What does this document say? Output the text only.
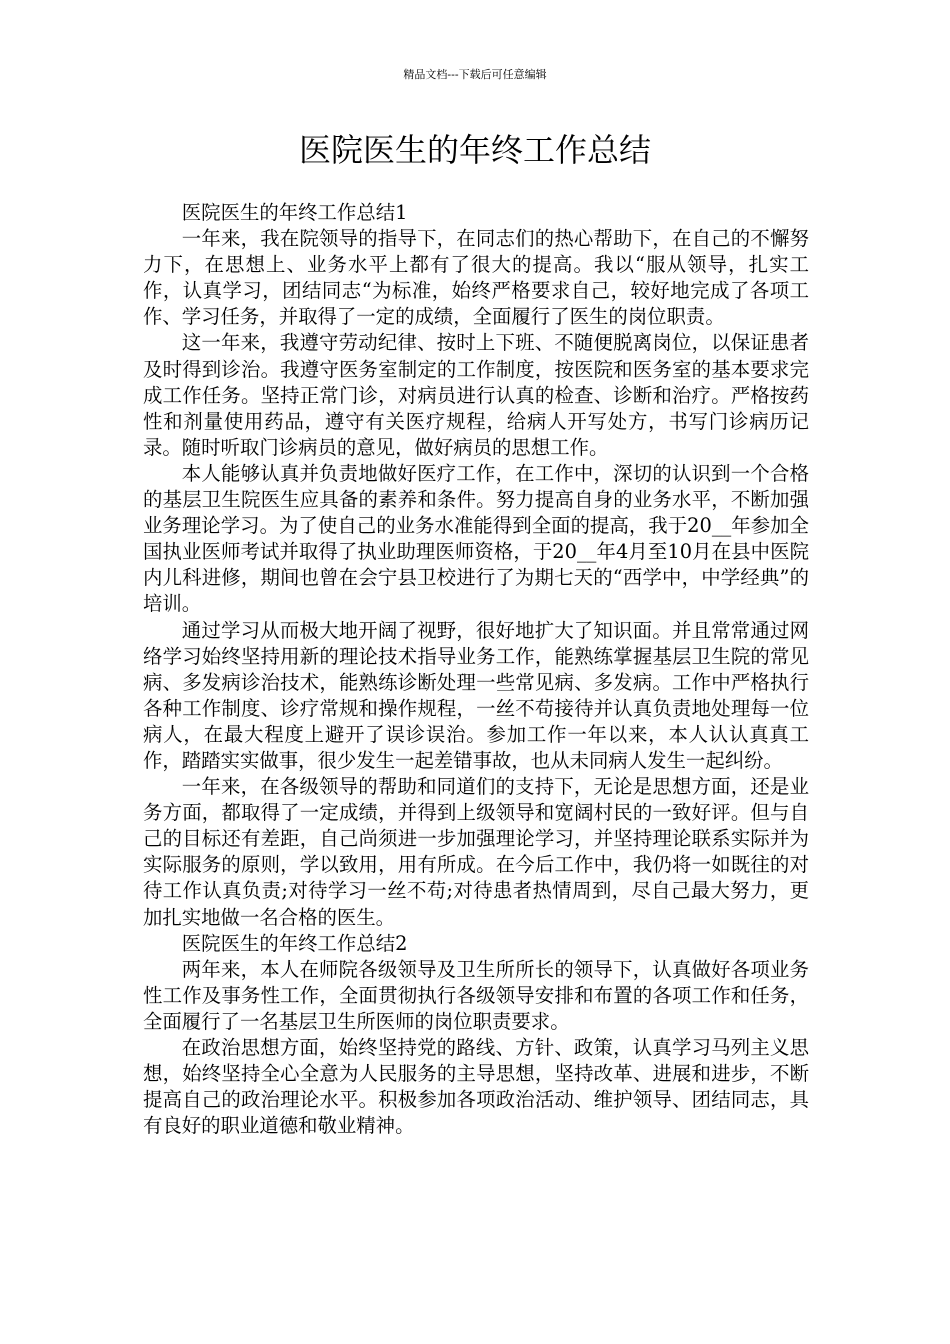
精品文档---下载后可任意编辑
医院医生的年终工作总结

医院医生的年终工作总结1

一年来，我在院领导的指导下，在同志们的热心帮助下，在自己的不懈努力下，在思想上、业务水平上都有了很大的提高。我以“服从领导，扎实工作，认真学习，团结同志“为标准，始终严格要求自己，较好地完成了各项工作、学习任务，并取得了一定的成绩，全面履行了医生的岗位职责。

这一年来，我遵守劳动纪律、按时上下班、不随便脱离岗位，以保证患者及时得到诊治。我遵守医务室制定的工作制度，按医院和医务室的基本要求完成工作任务。坚持正常门诊，对病员进行认真的检查、诊断和治疗。严格按药性和剂量使用药品，遵守有关医疗规程，给病人开写处方，书写门诊病历记录。随时听取门诊病员的意见，做好病员的思想工作。

本人能够认真并负责地做好医疗工作，在工作中，深切的认识到一个合格的基层卫生院医生应具备的素养和条件。努力提高自身的业务水平，不断加强业务理论学习。为了使自己的业务水准能得到全面的提高，我于20__年参加全国执业医师考试并取得了执业助理医师资格，于20__年4月至10月在县中医院内儿科进修，期间也曾在会宁县卫校进行了为期七天的“西学中，中学经典”的培训。

通过学习从而极大地开阔了视野，很好地扩大了知识面。并且常常通过网络学习始终坚持用新的理论技术指导业务工作，能熟练掌握基层卫生院的常见病、多发病诊治技术，能熟练诊断处理一些常见病、多发病。工作中严格执行各种工作制度、诊疗常规和操作规程，一丝不苟接待并认真负责地处理每一位病人，在最大程度上避开了误诊误治。参加工作一年以来，本人认认真真工作，踏踏实实做事，很少发生一起差错事故，也从未同病人发生一起纠纷。

一年来，在各级领导的帮助和同道们的支持下，无论是思想方面，还是业务方面，都取得了一定成绩，并得到上级领导和宽阔村民的一致好评。但与自己的目标还有差距，自己尚须进一步加强理论学习，并坚持理论联系实际并为实际服务的原则，学以致用，用有所成。在今后工作中，我仍将一如既往的对待工作认真负责;对待学习一丝不苟;对待患者热情周到，尽自己最大努力，更加扎实地做一名合格的医生。

医院医生的年终工作总结2

两年来，本人在师院各级领导及卫生所所长的领导下，认真做好各项业务性工作及事务性工作，全面贯彻执行各级领导安排和布置的各项工作和任务，全面履行了一名基层卫生所医师的岗位职责要求。

在政治思想方面，始终坚持党的路线、方针、政策，认真学习马列主义思想，始终坚持全心全意为人民服务的主导思想，坚持改革、进展和进步，不断提高自己的政治理论水平。积极参加各项政治活动、维护领导、团结同志，具有良好的职业道德和敬业精神。
